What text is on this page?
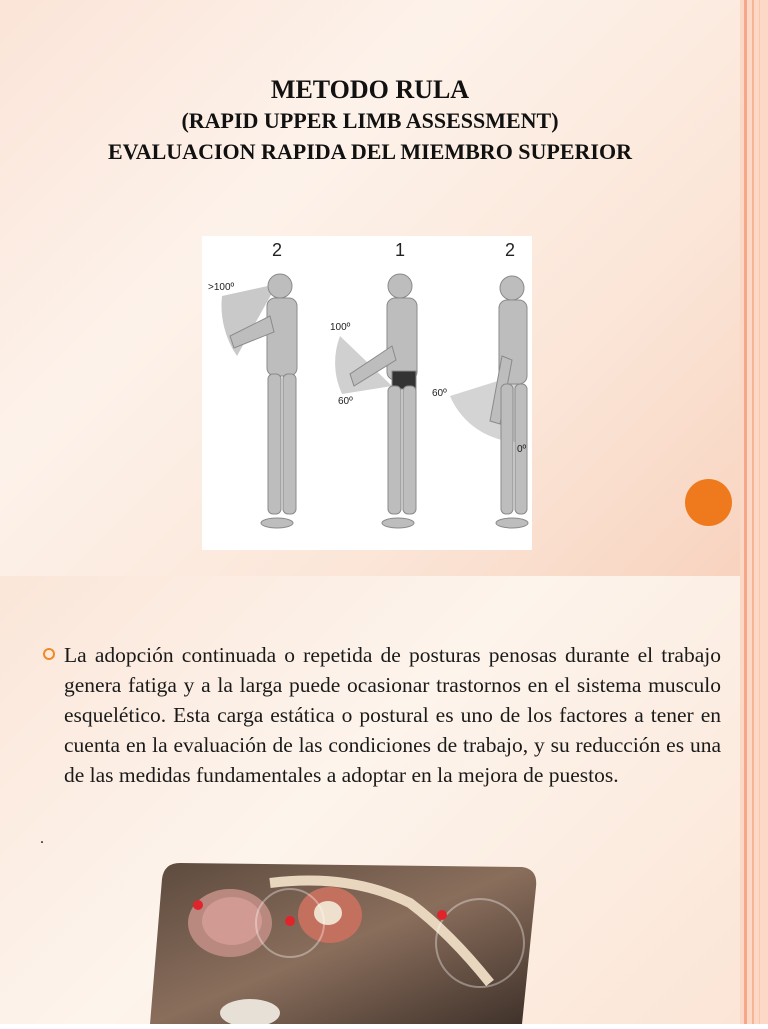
METODO RULA
(RAPID UPPER LIMB ASSESSMENT)
EVALUACION RAPIDA DEL MIEMBRO SUPERIOR
2	1	2
>100º
100º
60º
60º
0º

La adopción continuada o repetida de posturas penosas durante el trabajo genera fatiga y a la larga puede ocasionar trastornos en el sistema musculo esquelético. Esta carga estática o postural es uno de los factores a tener en cuenta en la evaluación de las condiciones de trabajo, y su reducción es una de las medidas fundamentales a adoptar en la mejora de puestos.

.
